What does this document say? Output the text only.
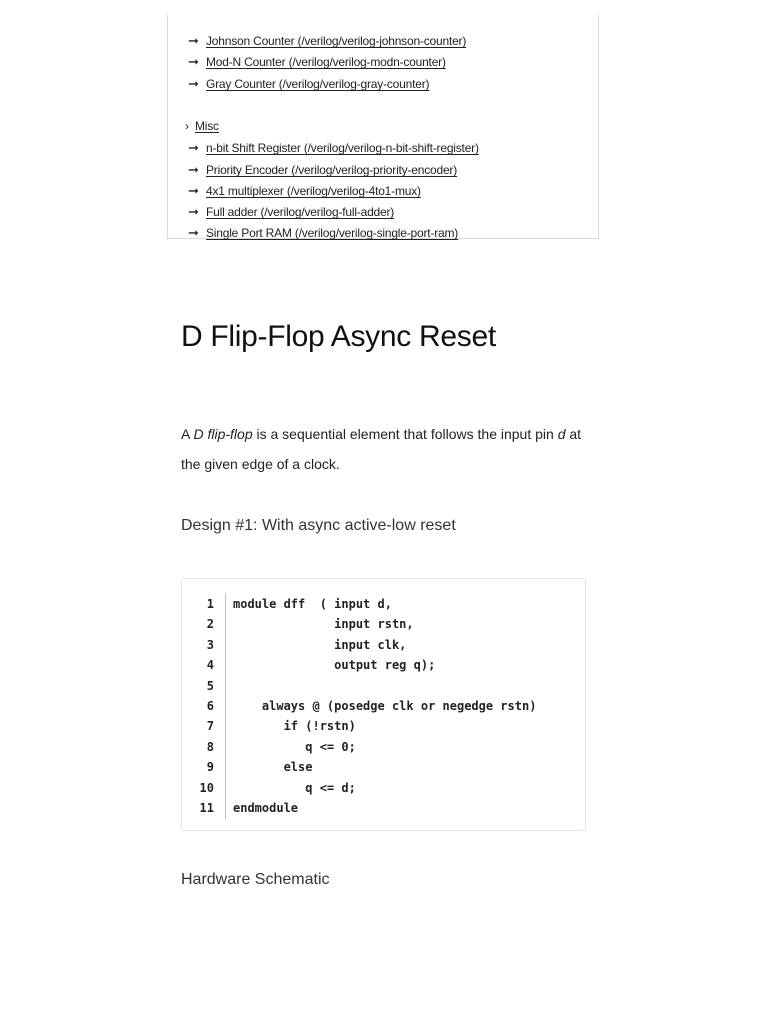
➞ Johnson Counter (/verilog/verilog-johnson-counter)
➞ Mod-N Counter (/verilog/verilog-modn-counter)
➞ Gray Counter (/verilog/verilog-gray-counter)
› Misc
➞ n-bit Shift Register (/verilog/verilog-n-bit-shift-register)
➞ Priority Encoder (/verilog/verilog-priority-encoder)
➞ 4x1 multiplexer (/verilog/verilog-4to1-mux)
➞ Full adder (/verilog/verilog-full-adder)
➞ Single Port RAM (/verilog/verilog-single-port-ram)
D Flip-Flop Async Reset

A D flip-flop is a sequential element that follows the input pin d at the given edge of a clock.

Design #1: With async active-low reset
1 module dff  ( input d,
2 input rstn,
3 input clk,
4 output reg q);
5
6 always @ (posedge clk or negedge rstn)
7 if (!rstn)
8 q <= 0;
9 else
10 q <= d;
11 endmodule
Hardware Schematic
